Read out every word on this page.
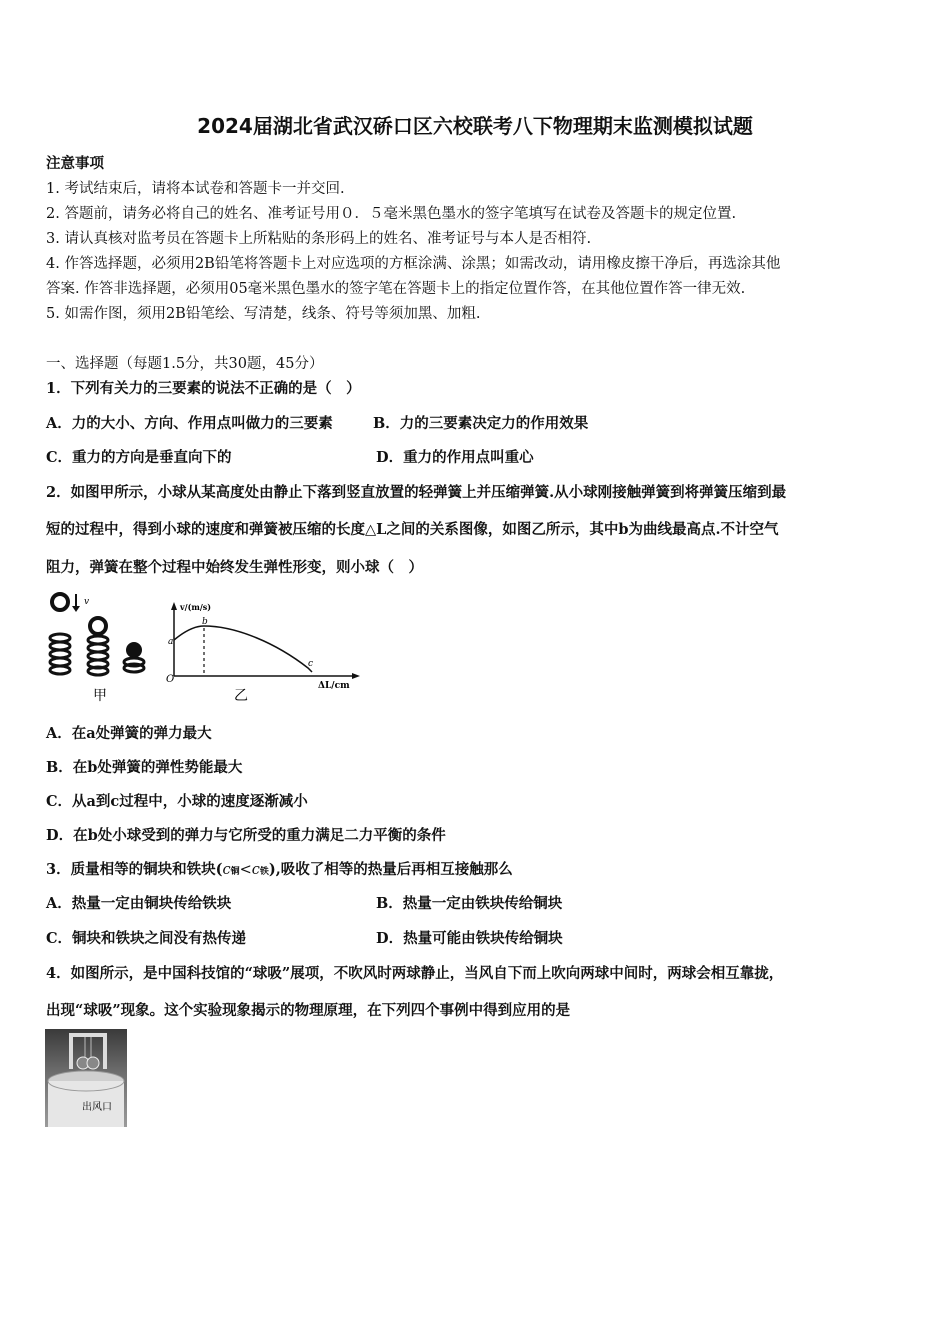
2024届湖北省武汉硚口区六校联考八下物理期末监测模拟试题
注意事项
1. 考试结束后，请将本试卷和答题卡一并交回.
2. 答题前，请务必将自己的姓名、准考证号用０．５毫米黑色墨水的签字笔填写在试卷及答题卡的规定位置.
3. 请认真核对监考员在答题卡上所粘贴的条形码上的姓名、准考证号与本人是否相符.
4. 作答选择题，必须用2B铅笔将答题卡上对应选项的方框涂满、涂黑；如需改动，请用橡皮擦干净后，再选涂其他
答案. 作答非选择题，必须用05毫米黑色墨水的签字笔在答题卡上的指定位置作答，在其他位置作答一律无效.
5. 如需作图，须用2B铅笔绘、写清楚，线条、符号等须加黑、加粗.
一、选择题（每题1.5分，共30题，45分）
1．下列有关力的三要素的说法不正确的是（　）
A．力的大小、方向、作用点叫做力的三要素	B．力的三要素决定力的作用效果
C．重力的方向是垂直向下的	D．重力的作用点叫重心
2．如图甲所示，小球从某高度处由静止下落到竖直放置的轻弹簧上并压缩弹簧.从小球刚接触弹簧到将弹簧压缩到最
短的过程中，得到小球的速度和弹簧被压缩的长度△L之间的关系图像，如图乙所示，其中b为曲线最高点.不计空气
阻力，弹簧在整个过程中始终发生弹性形变，则小球（　）
v
甲
v/(m/s)
ΔL/cm
a
b
c
O
乙
A．在a处弹簧的弹力最大
B．在b处弹簧的弹性势能最大
C．从a到c过程中，小球的速度逐渐减小
D．在b处小球受到的弹力与它所受的重力满足二力平衡的条件
3．质量相等的铜块和铁块(c铜<c铁),吸收了相等的热量后再相互接触那么
A．热量一定由铜块传给铁块	B．热量一定由铁块传给铜块
C．铜块和铁块之间没有热传递	D．热量可能由铁块传给铜块
4．如图所示，是中国科技馆的“球吸”展项，不吹风时两球静止，当风自下而上吹向两球中间时，两球会相互靠拢，
出现“球吸”现象。这个实验现象揭示的物理原理，在下列四个事例中得到应用的是
出风口
